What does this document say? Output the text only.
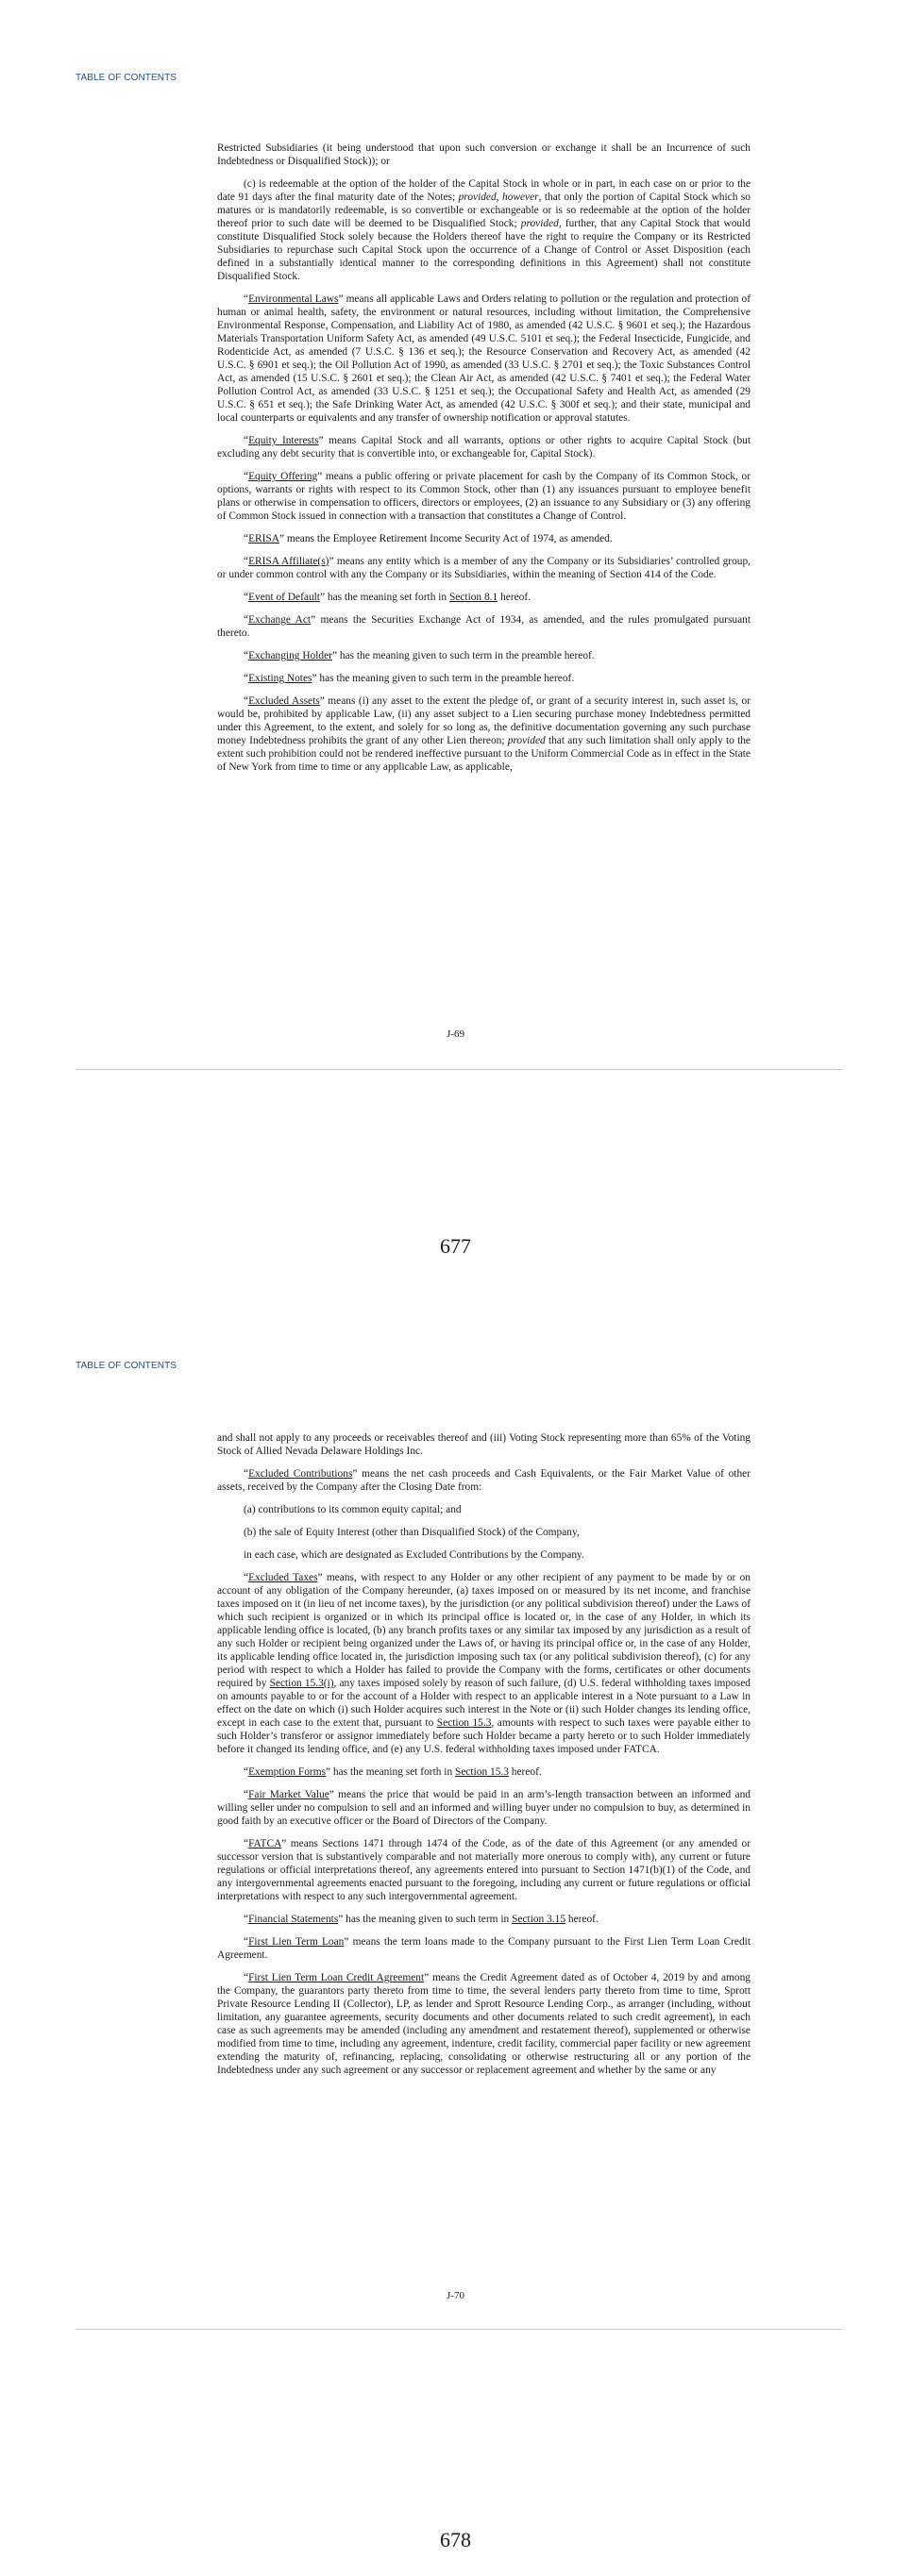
TABLE OF CONTENTS

Restricted Subsidiaries (it being understood that upon such conversion or exchange it shall be an Incurrence of such Indebtedness or Disqualified Stock)); or

(c) is redeemable at the option of the holder of the Capital Stock in whole or in part, in each case on or prior to the date 91 days after the final maturity date of the Notes; provided, however, that only the portion of Capital Stock which so matures or is mandatorily redeemable, is so convertible or exchangeable or is so redeemable at the option of the holder thereof prior to such date will be deemed to be Disqualified Stock; provided, further, that any Capital Stock that would constitute Disqualified Stock solely because the Holders thereof have the right to require the Company or its Restricted Subsidiaries to repurchase such Capital Stock upon the occurrence of a Change of Control or Asset Disposition (each defined in a substantially identical manner to the corresponding definitions in this Agreement) shall not constitute Disqualified Stock.

“Environmental Laws” means all applicable Laws and Orders relating to pollution or the regulation and protection of human or animal health, safety, the environment or natural resources, including without limitation, the Comprehensive Environmental Response, Compensation, and Liability Act of 1980, as amended (42 U.S.C. § 9601 et seq.); the Hazardous Materials Transportation Uniform Safety Act, as amended (49 U.S.C. 5101 et seq.); the Federal Insecticide, Fungicide, and Rodenticide Act, as amended (7 U.S.C. § 136 et seq.); the Resource Conservation and Recovery Act, as amended (42 U.S.C. § 6901 et seq.); the Oil Pollution Act of 1990, as amended (33 U.S.C. § 2701 et seq.); the Toxic Substances Control Act, as amended (15 U.S.C. § 2601 et seq.); the Clean Air Act, as amended (42 U.S.C. § 7401 et seq.); the Federal Water Pollution Control Act, as amended (33 U.S.C. § 1251 et seq.); the Occupational Safety and Health Act, as amended (29 U.S.C. § 651 et seq.); the Safe Drinking Water Act, as amended (42 U.S.C. § 300f et seq.); and their state, municipal and local counterparts or equivalents and any transfer of ownership notification or approval statutes.

“Equity Interests” means Capital Stock and all warrants, options or other rights to acquire Capital Stock (but excluding any debt security that is convertible into, or exchangeable for, Capital Stock).

“Equity Offering” means a public offering or private placement for cash by the Company of its Common Stock, or options, warrants or rights with respect to its Common Stock, other than (1) any issuances pursuant to employee benefit plans or otherwise in compensation to officers, directors or employees, (2) an issuance to any Subsidiary or (3) any offering of Common Stock issued in connection with a transaction that constitutes a Change of Control.

“ERISA” means the Employee Retirement Income Security Act of 1974, as amended.

“ERISA Affiliate(s)” means any entity which is a member of any the Company or its Subsidiaries’ controlled group, or under common control with any the Company or its Subsidiaries, within the meaning of Section 414 of the Code.

“Event of Default” has the meaning set forth in Section 8.1 hereof.

“Exchange Act” means the Securities Exchange Act of 1934, as amended, and the rules promulgated pursuant thereto.

“Exchanging Holder” has the meaning given to such term in the preamble hereof.

“Existing Notes” has the meaning given to such term in the preamble hereof.

“Excluded Assets” means (i) any asset to the extent the pledge of, or grant of a security interest in, such asset is, or would be, prohibited by applicable Law, (ii) any asset subject to a Lien securing purchase money Indebtedness permitted under this Agreement, to the extent, and solely for so long as, the definitive documentation governing any such purchase money Indebtedness prohibits the grant of any other Lien thereon; provided that any such limitation shall only apply to the extent such prohibition could not be rendered ineffective pursuant to the Uniform Commercial Code as in effect in the State of New York from time to time or any applicable Law, as applicable,

J-69
677
TABLE OF CONTENTS

and shall not apply to any proceeds or receivables thereof and (iii) Voting Stock representing more than 65% of the Voting Stock of Allied Nevada Delaware Holdings Inc.

“Excluded Contributions” means the net cash proceeds and Cash Equivalents, or the Fair Market Value of other assets, received by the Company after the Closing Date from:

(a) contributions to its common equity capital; and

(b) the sale of Equity Interest (other than Disqualified Stock) of the Company,

in each case, which are designated as Excluded Contributions by the Company.

“Excluded Taxes” means, with respect to any Holder or any other recipient of any payment to be made by or on account of any obligation of the Company hereunder, (a) taxes imposed on or measured by its net income, and franchise taxes imposed on it (in lieu of net income taxes), by the jurisdiction (or any political subdivision thereof) under the Laws of which such recipient is organized or in which its principal office is located or, in the case of any Holder, in which its applicable lending office is located, (b) any branch profits taxes or any similar tax imposed by any jurisdiction as a result of any such Holder or recipient being organized under the Laws of, or having its principal office or, in the case of any Holder, its applicable lending office located in, the jurisdiction imposing such tax (or any political subdivision thereof), (c) for any period with respect to which a Holder has failed to provide the Company with the forms, certificates or other documents required by Section 15.3(i), any taxes imposed solely by reason of such failure, (d) U.S. federal withholding taxes imposed on amounts payable to or for the account of a Holder with respect to an applicable interest in a Note pursuant to a Law in effect on the date on which (i) such Holder acquires such interest in the Note or (ii) such Holder changes its lending office, except in each case to the extent that, pursuant to Section 15.3, amounts with respect to such taxes were payable either to such Holder’s transferor or assignor immediately before such Holder became a party hereto or to such Holder immediately before it changed its lending office, and (e) any U.S. federal withholding taxes imposed under FATCA.

“Exemption Forms” has the meaning set forth in Section 15.3 hereof.

“Fair Market Value” means the price that would be paid in an arm’s-length transaction between an informed and willing seller under no compulsion to sell and an informed and willing buyer under no compulsion to buy, as determined in good faith by an executive officer or the Board of Directors of the Company.

“FATCA” means Sections 1471 through 1474 of the Code, as of the date of this Agreement (or any amended or successor version that is substantively comparable and not materially more onerous to comply with), any current or future regulations or official interpretations thereof, any agreements entered into pursuant to Section 1471(b)(1) of the Code, and any intergovernmental agreements enacted pursuant to the foregoing, including any current or future regulations or official interpretations with respect to any such intergovernmental agreement.

“Financial Statements” has the meaning given to such term in Section 3.15 hereof.

“First Lien Term Loan” means the term loans made to the Company pursuant to the First Lien Term Loan Credit Agreement.

“First Lien Term Loan Credit Agreement” means the Credit Agreement dated as of October 4, 2019 by and among the Company, the guarantors party thereto from time to time, the several lenders party thereto from time to time, Sprott Private Resource Lending II (Collector), LP, as lender and Sprott Resource Lending Corp., as arranger (including, without limitation, any guarantee agreements, security documents and other documents related to such credit agreement), in each case as such agreements may be amended (including any amendment and restatement thereof), supplemented or otherwise modified from time to time, including any agreement, indenture, credit facility, commercial paper facility or new agreement extending the maturity of, refinancing, replacing, consolidating or otherwise restructuring all or any portion of the Indebtedness under any such agreement or any successor or replacement agreement and whether by the same or any

J-70
678
